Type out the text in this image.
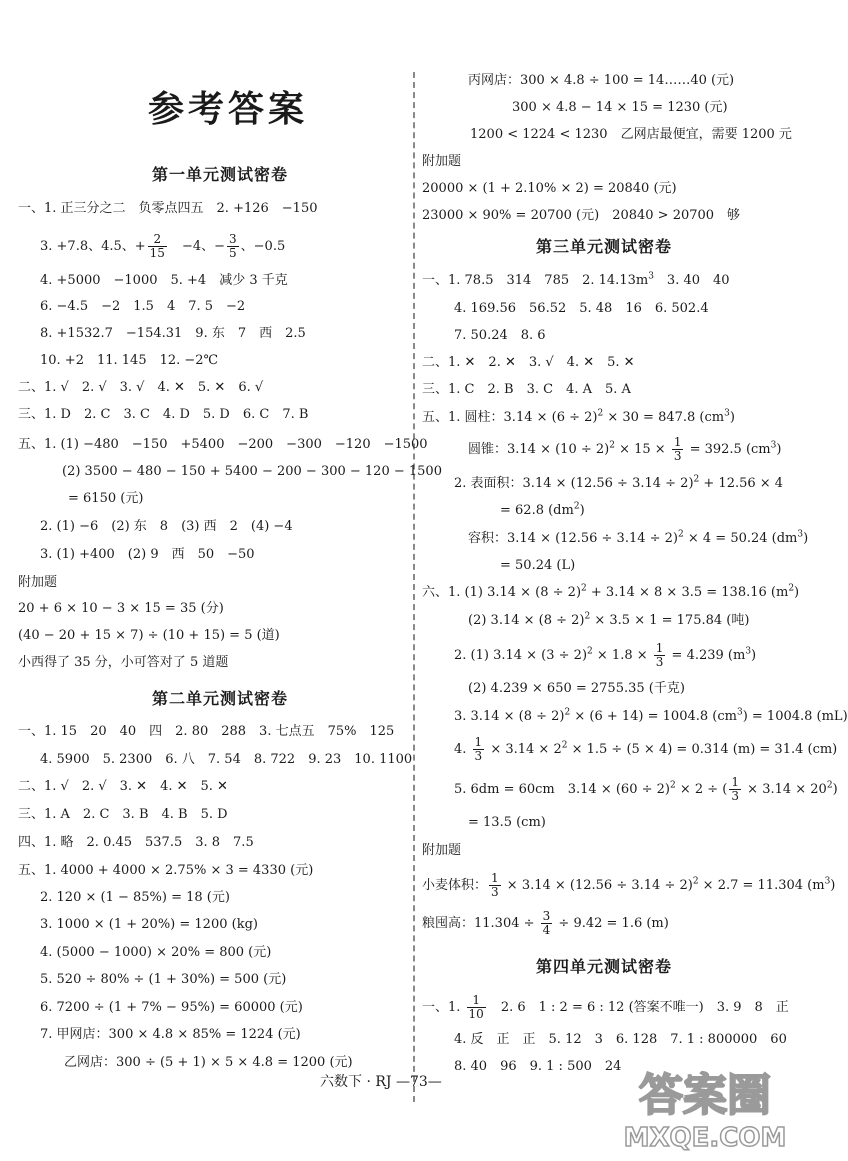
参考答案
第一单元测试密卷
一、1. 正三分之二　负零点四五　2. +126　−150
3. +7.8、4.5、+ $\frac{2}{15}$ 　−4、− $\frac{3}{5}$ 、−0.5
4. +5000　−1000　5. +4　减少 3 千克
6. −4.5　−2　1.5　4　7. 5　−2
8. +1532.7　−154.31　9. 东　7　西　2.5
10. +2　11. 145　12. −2℃
二、1. √　2. √　3. √　4. ✕　5. ✕　6. √
三、1. D　2. C　3. C　4. D　5. D　6. C　7. B
五、1. (1) −480　−150　+5400　−200　−300　−120　−1500
(2) 3500 − 480 − 150 + 5400 − 200 − 300 − 120 − 1500
= 6150 (元)
2. (1) −6　(2) 东　8　(3) 西　2　(4) −4
3. (1) +400　(2) 9　西　50　−50
附加题
20 + 6 × 10 − 3 × 15 = 35 (分)
(40 − 20 + 15 × 7) ÷ (10 + 15) = 5 (道)
小西得了 35 分，小可答对了 5 道题
第二单元测试密卷
一、1. 15　20　40　四　2. 80　288　3. 七点五　75%　125
4. 5900　5. 2300　6. 八　7. 54　8. 722　9. 23　10. 1100
二、1. √　2. √　3. ✕　4. ✕　5. ✕
三、1. A　2. C　3. B　4. B　5. D
四、1. 略　2. 0.45　537.5　3. 8　7.5
五、1. 4000 + 4000 × 2.75% × 3 = 4330 (元)
2. 120 × (1 − 85%) = 18 (元)
3. 1000 × (1 + 20%) = 1200 (kg)
4. (5000 − 1000) × 20% = 800 (元)
5. 520 ÷ 80% ÷ (1 + 30%) = 500 (元)
6. 7200 ÷ (1 + 7% − 95%) = 60000 (元)
7. 甲网店：300 × 4.8 × 85% = 1224 (元)
乙网店：300 ÷ (5 + 1) × 5 × 4.8 = 1200 (元)
丙网店：300 × 4.8 ÷ 100 = 14……40 (元)
300 × 4.8 − 14 × 15 = 1230 (元)
1200 < 1224 < 1230　乙网店最便宜，需要 1200 元
附加题
20000 × (1 + 2.10% × 2) = 20840 (元)
23000 × 90% = 20700 (元)　20840 > 20700　够
第三单元测试密卷
一、1. 78.5　314　785　2. $14.13m^3$　3. 40　40
4. 169.56　56.52　5. 48　16　6. 502.4
7. 50.24　8. 6
二、1. ✕　2. ✕　3. √　4. ✕　5. ✕
三、1. C　2. B　3. C　4. A　5. A
五、1. 圆柱：$3.14 \times (6 \div 2)^2 \times 30 = 847.8$ $(cm^3)$
圆锥：$3.14 \times (10 \div 2)^2 \times 15 \times \frac{1}{3} = 392.5$ $(cm^3)$
2. 表面积：$3.14 \times (12.56 \div 3.14 \div 2)^2 + 12.56 \times 4$
= 62.8 $(dm^2)$
容积：$3.14 \times (12.56 \div 3.14 \div 2)^2 \times 4 = 50.24$ $(dm^3)$
= 50.24 (L)
六、1. (1) $3.14 \times (8 \div 2)^2 + 3.14 \times 8 \times 3.5 = 138.16$ $(m^2)$
(2) $3.14 \times (8 \div 2)^2 \times 3.5 \times 1 = 175.84$ (吨)
2. (1) $3.14 \times (3 \div 2)^2 \times 1.8 \times \frac{1}{3} = 4.239$ $(m^3)$
(2) 4.239 × 650 = 2755.35 (千克)
3. $3.14 \times (8 \div 2)^2 \times (6 + 14) = 1004.8$ $(cm^3) = 1004.8$ (mL)
4. $\frac{1}{3} \times 3.14 \times 2^2 \times 1.5 \div (5 \times 4) = 0.314$ (m) = 31.4 (cm)
5. 6dm = 60cm　$3.14 \times (60 \div 2)^2 \times 2$ ÷ ( $\frac{1}{3} \times 3.14 \times 20^2$)
= 13.5 (cm)
附加题
小麦体积： $\frac{1}{3} \times 3.14 \times (12.56 \div 3.14 \div 2)^2 \times 2.7 = 11.304$ $(m^3)$
粮囤高：$11.304 \div \frac{3}{4} \div 9.42 = 1.6$ (m)
第四单元测试密卷
一、1. $\frac{1}{10}$ 　2. 6　1 : 2 = 6 : 12 (答案不唯一)　3. 9　8　正
4. 反　正　正　5. 12　3　6. 128　7. 1 : 800000　60
8. 40　96　9. 1 : 500　24
六数下 · RJ —73—	答案圈
MXQE.COM
